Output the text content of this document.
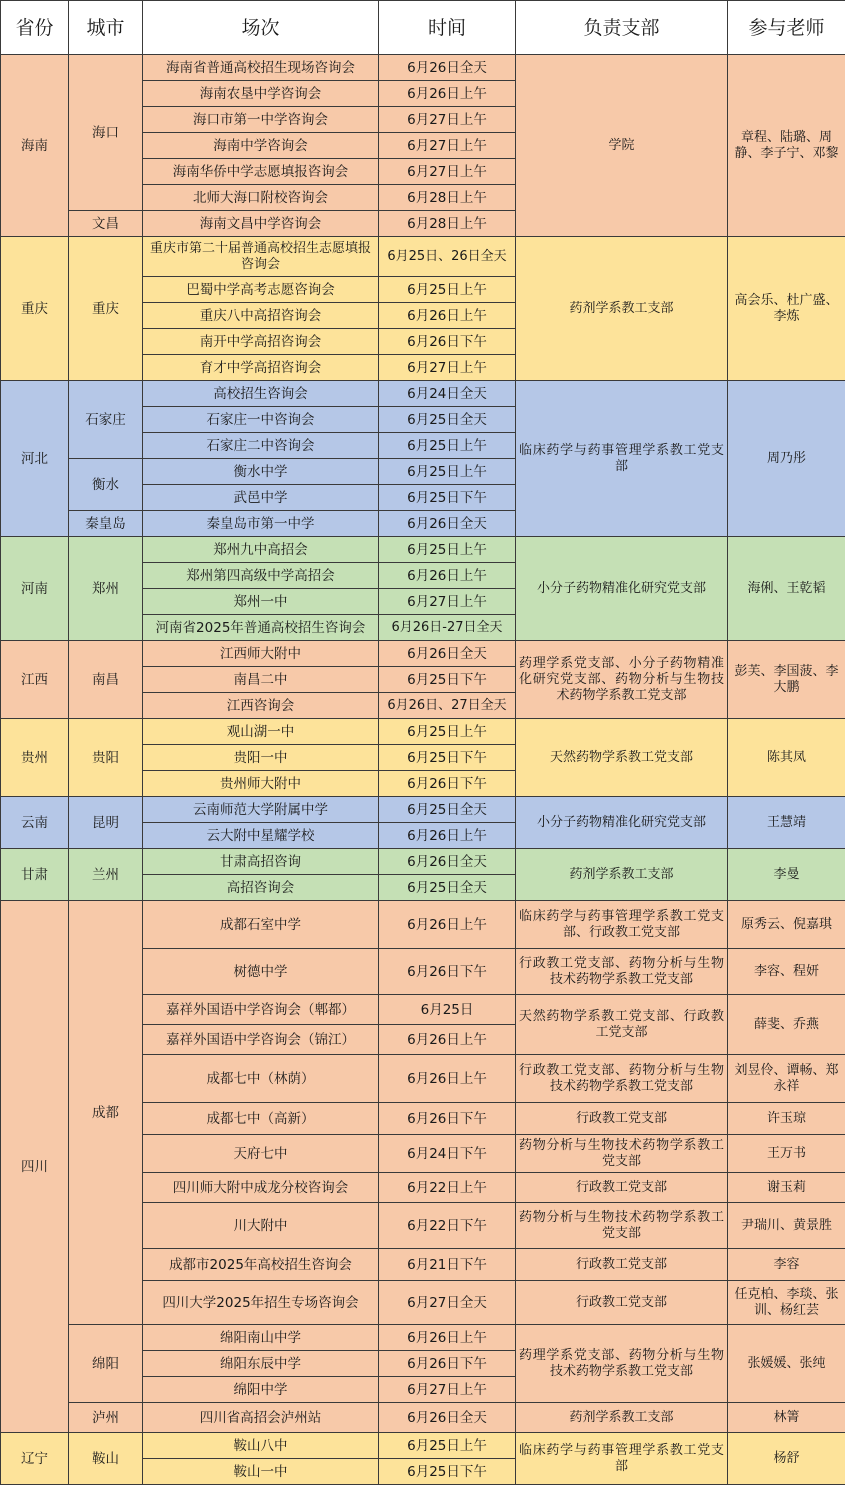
省份	城市	场次	时间	负责支部	参与老师
海南	海口	海南省普通高校招生现场咨询会	6月26日全天	学院	章程、陆璐、周静、李子宁、邓黎
		海南农垦中学咨询会	6月26日上午		
		海口市第一中学咨询会	6月27日上午		
		海南中学咨询会	6月27日上午		
		海南华侨中学志愿填报咨询会	6月27日上午		
		北师大海口附校咨询会	6月28日上午		
	文昌	海南文昌中学咨询会	6月28日上午		
重庆	重庆	重庆市第二十届普通高校招生志愿填报咨询会	6月25日、26日全天	药剂学系教工支部	高会乐、杜广盛、李炼
		巴蜀中学高考志愿咨询会	6月25日上午		
		重庆八中高招咨询会	6月26日上午		
		南开中学高招咨询会	6月26日下午		
		育才中学高招咨询会	6月27日上午		
河北	石家庄	高校招生咨询会	6月24日全天	临床药学与药事管理学系教工党支部	周乃彤
		石家庄一中咨询会	6月25日全天		
		石家庄二中咨询会	6月25日上午		
	衡水	衡水中学	6月25日上午		
		武邑中学	6月25日下午		
	秦皇岛	秦皇岛市第一中学	6月26日全天		
河南	郑州	郑州九中高招会	6月25日上午	小分子药物精准化研究党支部	海俐、王乾韬
		郑州第四高级中学高招会	6月26日上午		
		郑州一中	6月27日上午		
		河南省2025年普通高校招生咨询会	6月26日-27日全天		
江西	南昌	江西师大附中	6月26日全天	药理学系党支部、小分子药物精准化研究党支部、药物分析与生物技术药物学系教工党支部	彭芙、李国菠、李大鹏
		南昌二中	6月25日下午		
		江西咨询会	6月26日、27日全天		
贵州	贵阳	观山湖一中	6月25日上午	天然药物学系教工党支部	陈其凤
		贵阳一中	6月25日下午		
		贵州师大附中	6月26日下午		
云南	昆明	云南师范大学附属中学	6月25日全天	小分子药物精准化研究党支部	王慧靖
		云大附中星耀学校	6月26日上午		
甘肃	兰州	甘肃高招咨询	6月26日全天	药剂学系教工支部	李曼
		高招咨询会	6月25日全天		
四川	成都	成都石室中学	6月26日上午	临床药学与药事管理学系教工党支部、行政教工党支部	原秀云、倪嘉琪
		树德中学	6月26日下午	行政教工党支部、药物分析与生物技术药物学系教工党支部	李容、程妍
		嘉祥外国语中学咨询会（郫都）	6月25日	天然药物学系教工党支部、行政教工党支部	薛斐、乔燕
		嘉祥外国语中学咨询会（锦江）	6月26日上午		
		成都七中（林荫）	6月26日上午	行政教工党支部、药物分析与生物技术药物学系教工党支部	刘昱伶、谭畅、郑永祥
		成都七中（高新）	6月26日下午	行政教工党支部	许玉琼
		天府七中	6月24日下午	药物分析与生物技术药物学系教工党支部	王万书
		四川师大附中成龙分校咨询会	6月22日上午	行政教工党支部	谢玉莉
		川大附中	6月22日下午	药物分析与生物技术药物学系教工党支部	尹瑞川、黄景胜
		成都市2025年高校招生咨询会	6月21日下午	行政教工党支部	李容
		四川大学2025年招生专场咨询会	6月27日全天	行政教工党支部	任克柏、李琰、张训、杨红芸
	绵阳	绵阳南山中学	6月26日上午	药理学系党支部、药物分析与生物技术药物学系教工党支部	张媛媛、张纯
		绵阳东辰中学	6月26日下午		
		绵阳中学	6月27日上午		
	泸州	四川省高招会泸州站	6月26日全天	药剂学系教工支部	林箐
辽宁	鞍山	鞍山八中	6月25日上午	临床药学与药事管理学系教工党支部	杨舒
		鞍山一中	6月25日下午		
